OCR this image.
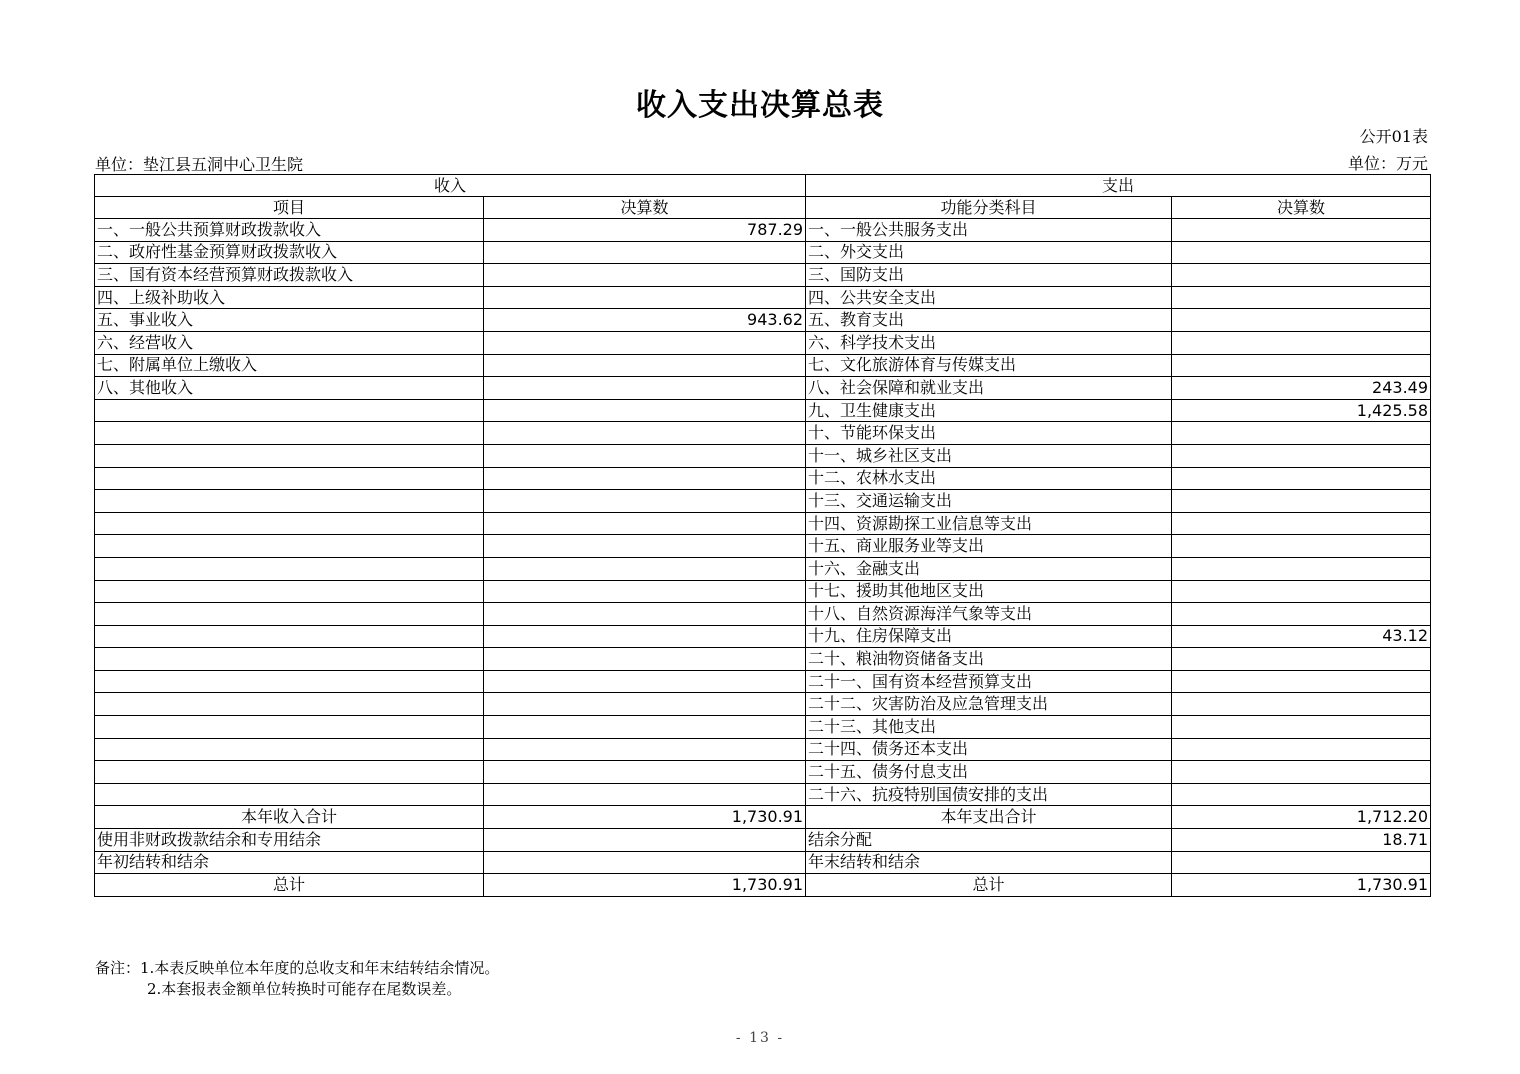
收入支出决算总表
公开01表
单位：垫江县五洞中心卫生院	单位：万元
收入		支出	
项目	决算数	功能分类科目	决算数
一、一般公共预算财政拨款收入	787.29	一、一般公共服务支出	
二、政府性基金预算财政拨款收入		二、外交支出	
三、国有资本经营预算财政拨款收入		三、国防支出	
四、上级补助收入		四、公共安全支出	
五、事业收入	943.62	五、教育支出	
六、经营收入		六、科学技术支出	
七、附属单位上缴收入		七、文化旅游体育与传媒支出	
八、其他收入		八、社会保障和就业支出	243.49
		九、卫生健康支出	1,425.58
		十、节能环保支出	
		十一、城乡社区支出	
		十二、农林水支出	
		十三、交通运输支出	
		十四、资源勘探工业信息等支出	
		十五、商业服务业等支出	
		十六、金融支出	
		十七、援助其他地区支出	
		十八、自然资源海洋气象等支出	
		十九、住房保障支出	43.12
		二十、粮油物资储备支出	
		二十一、国有资本经营预算支出	
		二十二、灾害防治及应急管理支出	
		二十三、其他支出	
		二十四、债务还本支出	
		二十五、债务付息支出	
		二十六、抗疫特别国债安排的支出	
本年收入合计	1,730.91	本年支出合计	1,712.20
使用非财政拨款结余和专用结余		结余分配	18.71
年初结转和结余		年末结转和结余	
总计	1,730.91	总计	1,730.91
备注：1.本表反映单位本年度的总收支和年末结转结余情况。
2.本套报表金额单位转换时可能存在尾数误差。
- 13 -
